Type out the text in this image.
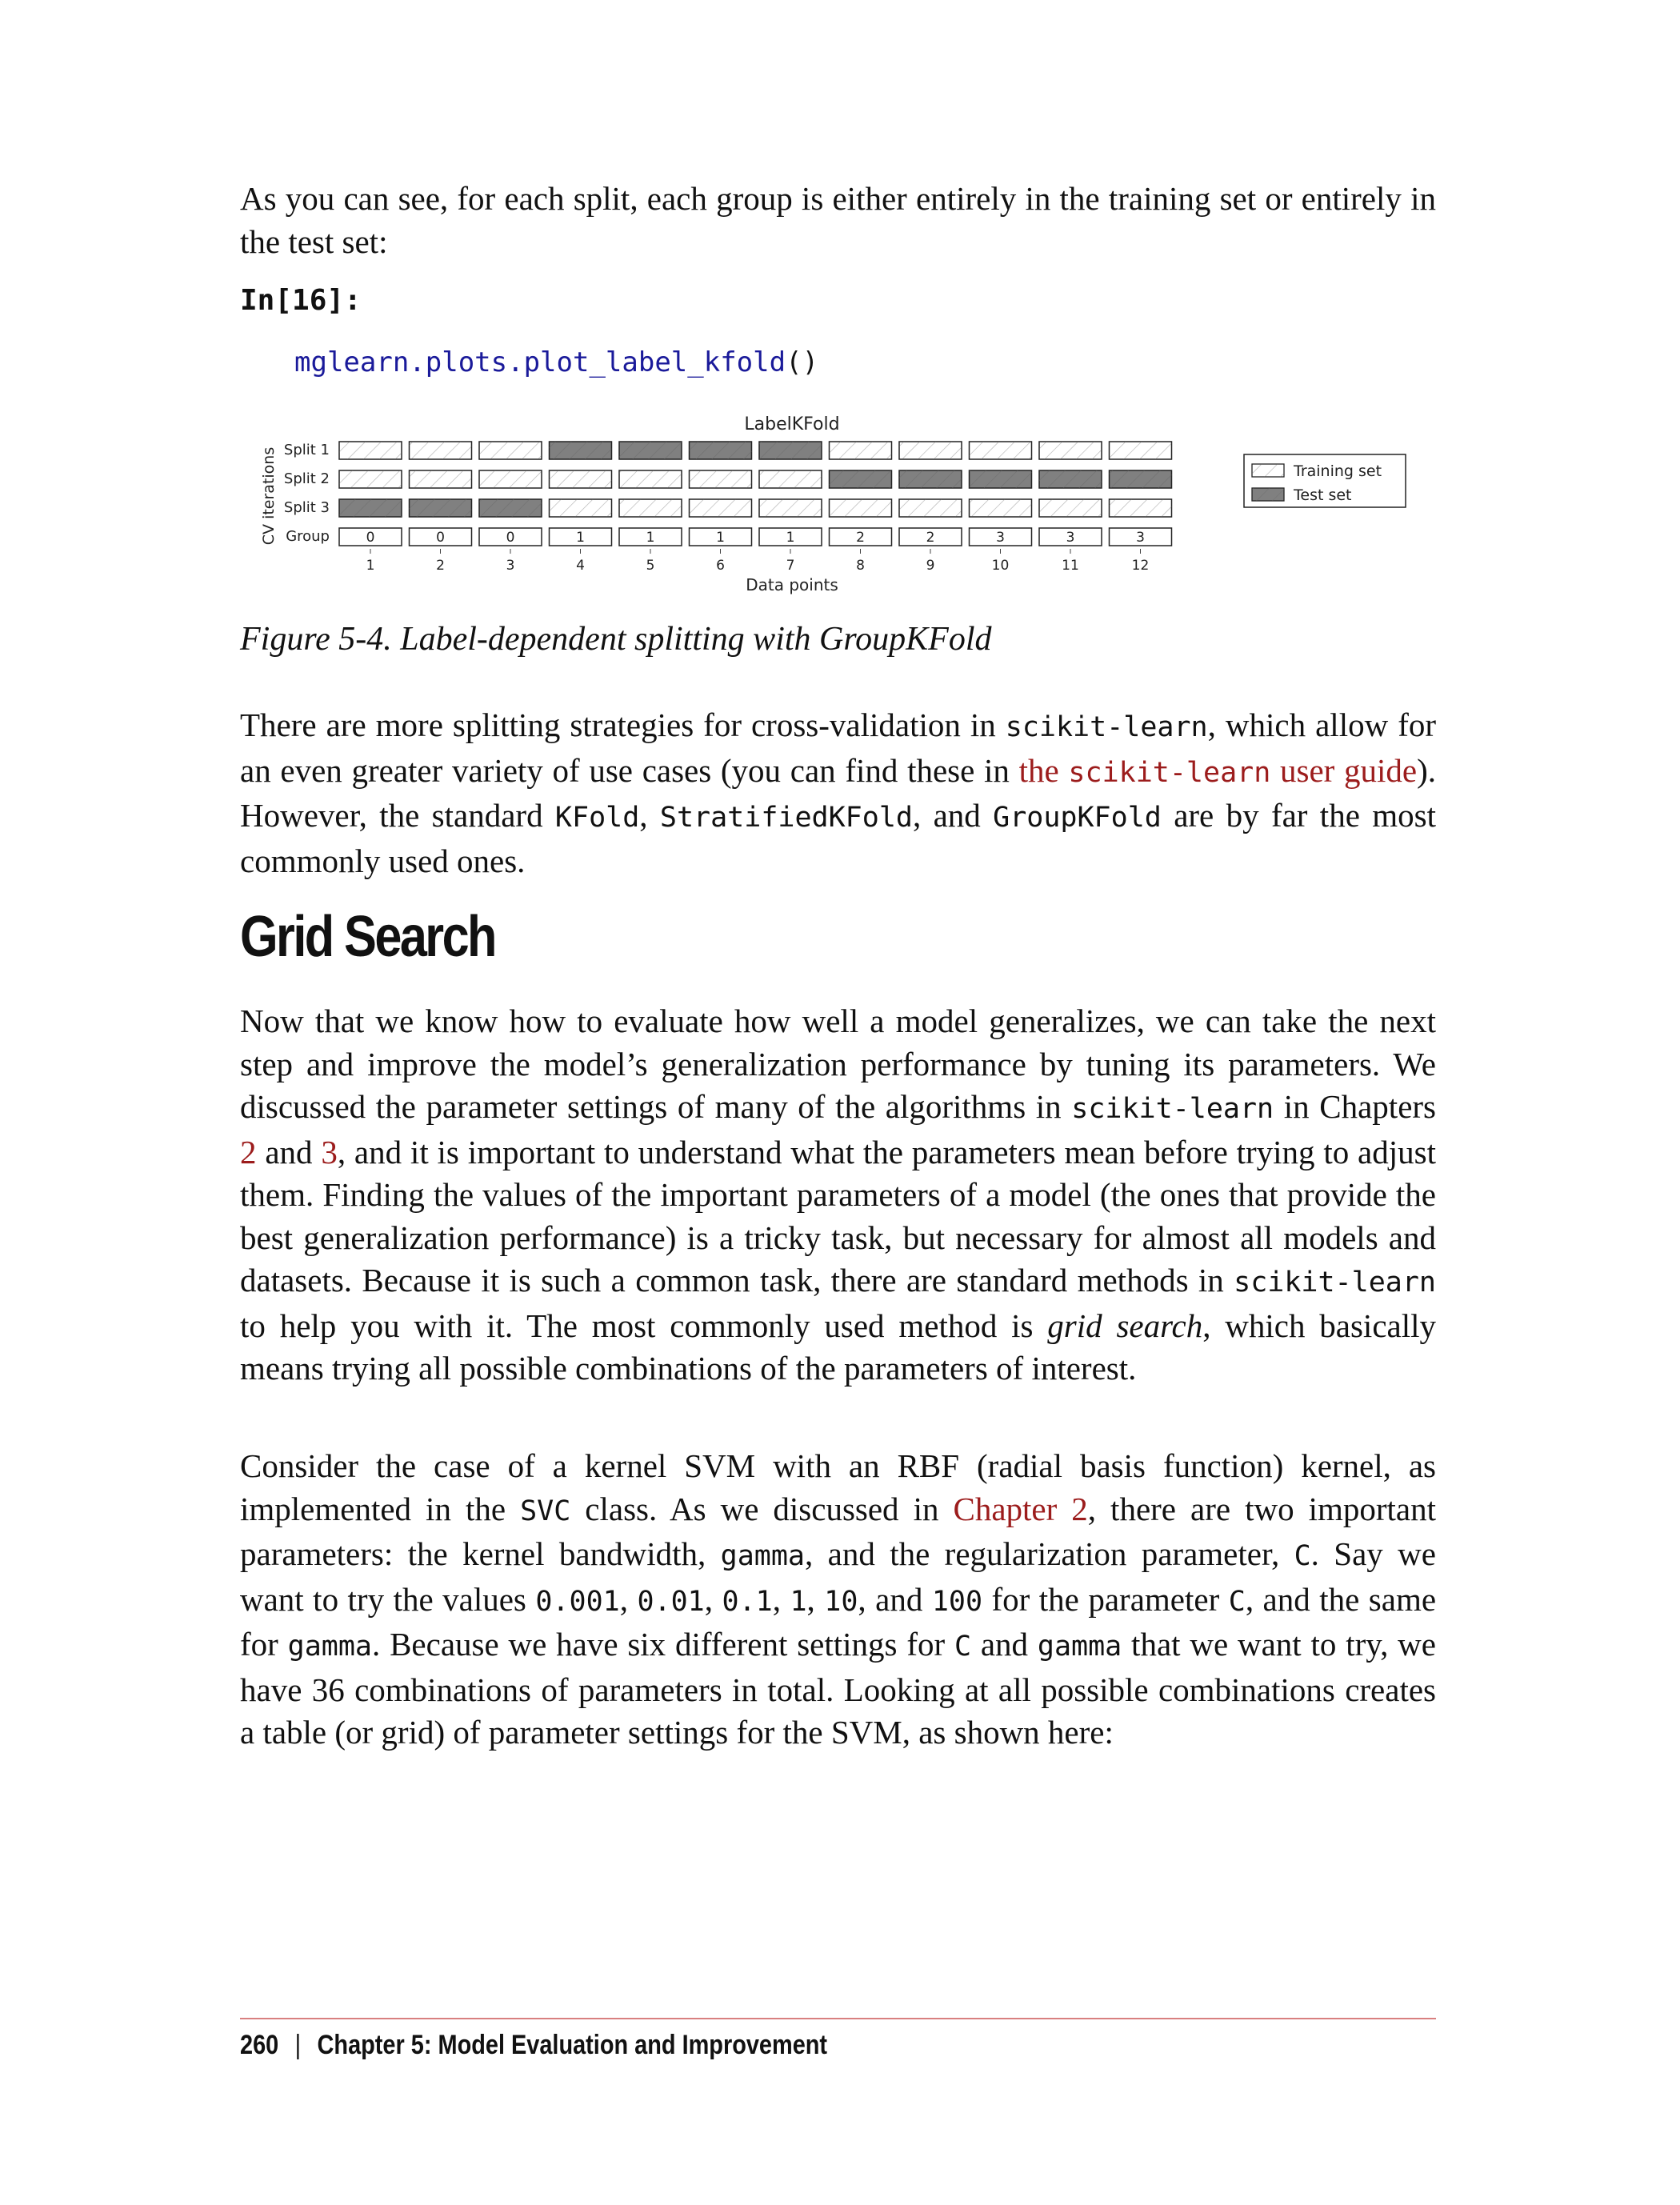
As you can see, for each split, each group is either entirely in the training set or entirely in the test set:

In[16]:
mglearn.plots.plot_label_kfold()
LabelKFold
CV iterations
Data points
Split 1
Split 2
Split 3
Group	0	0	0	1	1	1	1	2	2	3	3	3
1	2	3	4	5	6	7	8	9	10	11	12
Training set
Test set
Figure 5-4. Label-dependent splitting with GroupKFold

There are more splitting strategies for cross-validation in scikit-learn, which allow for an even greater variety of use cases (you can find these in the scikit-learn user guide). However, the standard KFold, StratifiedKFold, and GroupKFold are by far the most commonly used ones.

Grid Search

Now that we know how to evaluate how well a model generalizes, we can take the next step and improve the model’s generalization performance by tuning its parameters. We discussed the parameter settings of many of the algorithms in scikit-learn in Chapters 2 and 3, and it is important to understand what the parameters mean before trying to adjust them. Finding the values of the important parameters of a model (the ones that provide the best generalization performance) is a tricky task, but necessary for almost all models and datasets. Because it is such a common task, there are standard methods in scikit-learn to help you with it. The most commonly used method is grid search, which basically means trying all possible combinations of the parameters of interest.

Consider the case of a kernel SVM with an RBF (radial basis function) kernel, as implemented in the SVC class. As we discussed in Chapter 2, there are two important parameters: the kernel bandwidth, gamma, and the regularization parameter, C. Say we want to try the values 0.001, 0.01, 0.1, 1, 10, and 100 for the parameter C, and the same for gamma. Because we have six different settings for C and gamma that we want to try, we have 36 combinations of parameters in total. Looking at all possible combinations creates a table (or grid) of parameter settings for the SVM, as shown here:

260 | Chapter 5: Model Evaluation and Improvement
